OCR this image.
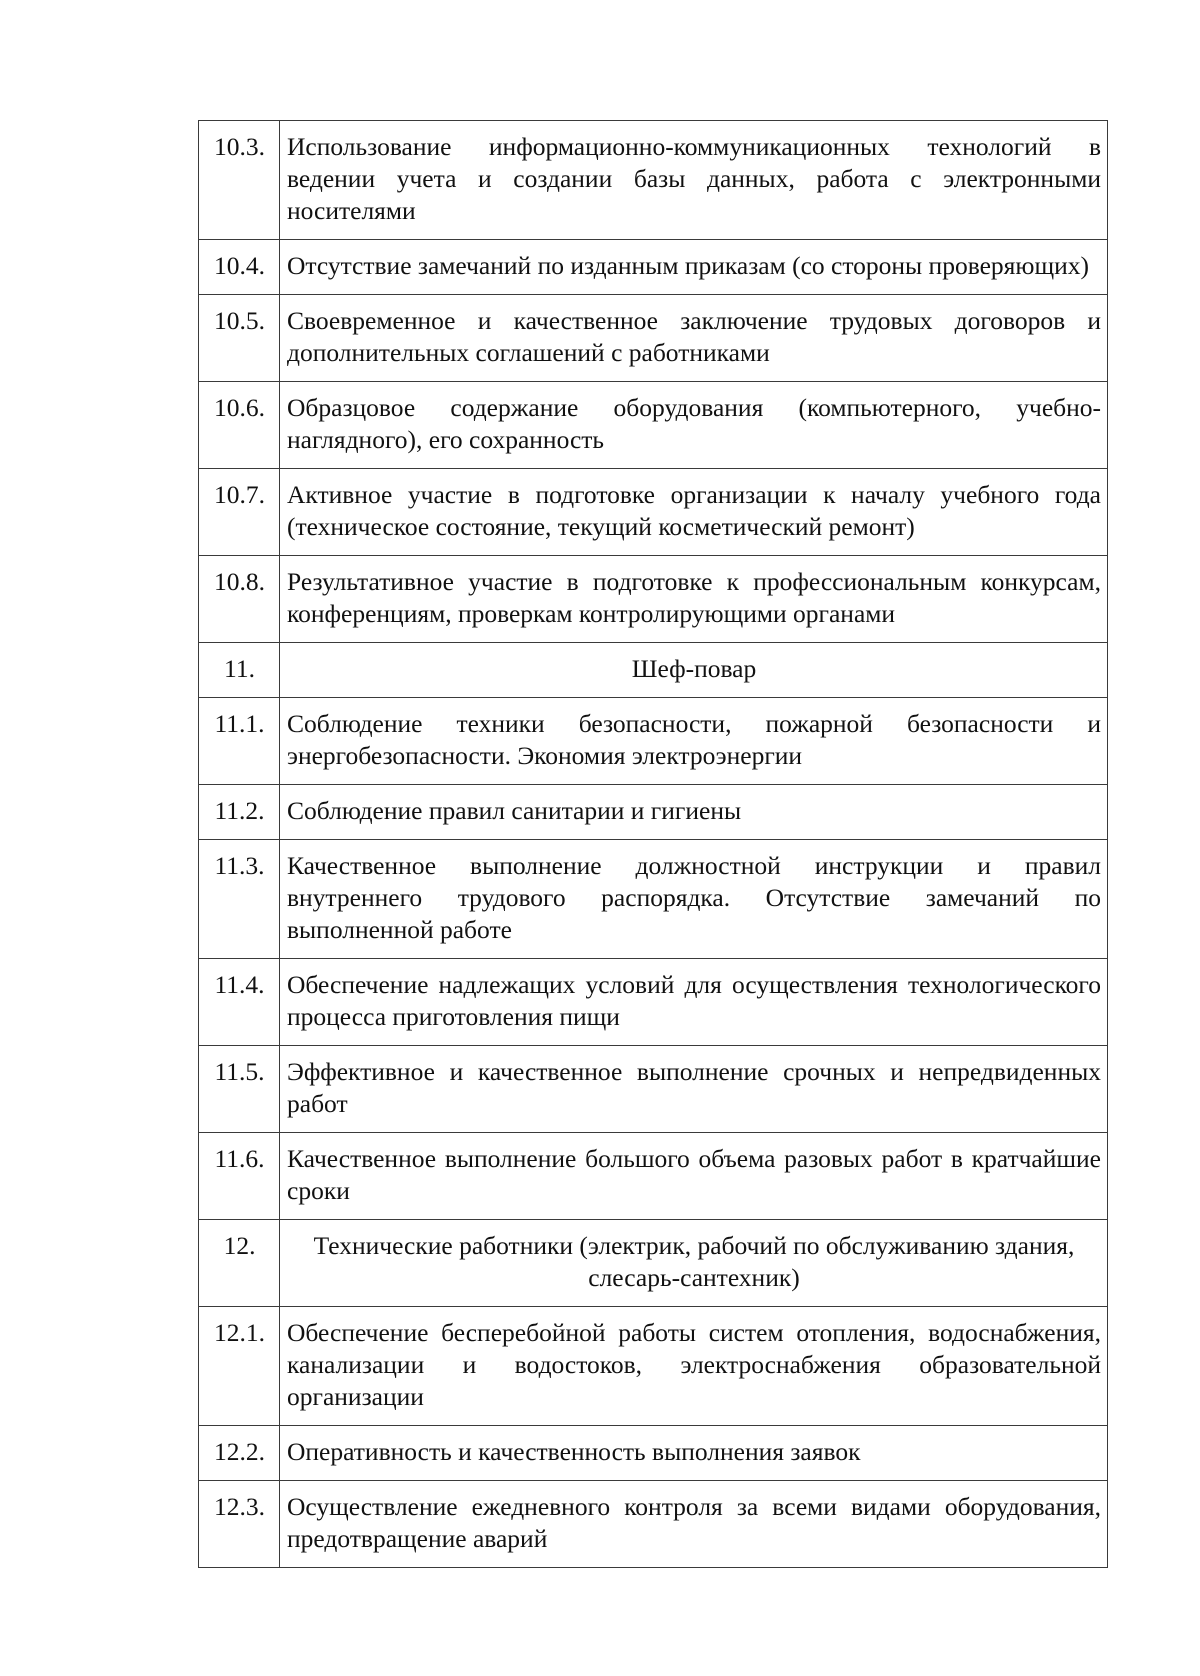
10.3.	Использование информационно-коммуникационных технологий в ведении учета и создании базы данных, работа с электронными носителями
10.4.	Отсутствие замечаний по изданным приказам (со стороны проверяющих)
10.5.	Своевременное и качественное заключение трудовых договоров и дополнительных соглашений с работниками
10.6.	Образцовое содержание оборудования (компьютерного, учебно-наглядного), его сохранность
10.7.	Активное участие в подготовке организации к началу учебного года (техническое состояние, текущий косметический ремонт)
10.8.	Результативное участие в подготовке к профессиональным конкурсам, конференциям, проверкам контролирующими органами
11.	Шеф-повар
11.1.	Соблюдение техники безопасности, пожарной безопасности и энергобезопасности. Экономия электроэнергии
11.2.	Соблюдение правил санитарии и гигиены
11.3.	Качественное выполнение должностной инструкции и правил внутреннего трудового распорядка. Отсутствие замечаний по выполненной работе
11.4.	Обеспечение надлежащих условий для осуществления технологического процесса приготовления пищи
11.5.	Эффективное и качественное выполнение срочных и непредвиденных работ
11.6.	Качественное выполнение большого объема разовых работ в кратчайшие сроки
12.	Технические работники (электрик, рабочий по обслуживанию здания, слесарь-сантехник)
12.1.	Обеспечение бесперебойной работы систем отопления, водоснабжения, канализации и водостоков, электроснабжения образовательной организации
12.2.	Оперативность и качественность выполнения заявок
12.3.	Осуществление ежедневного контроля за всеми видами оборудования, предотвращение аварий
